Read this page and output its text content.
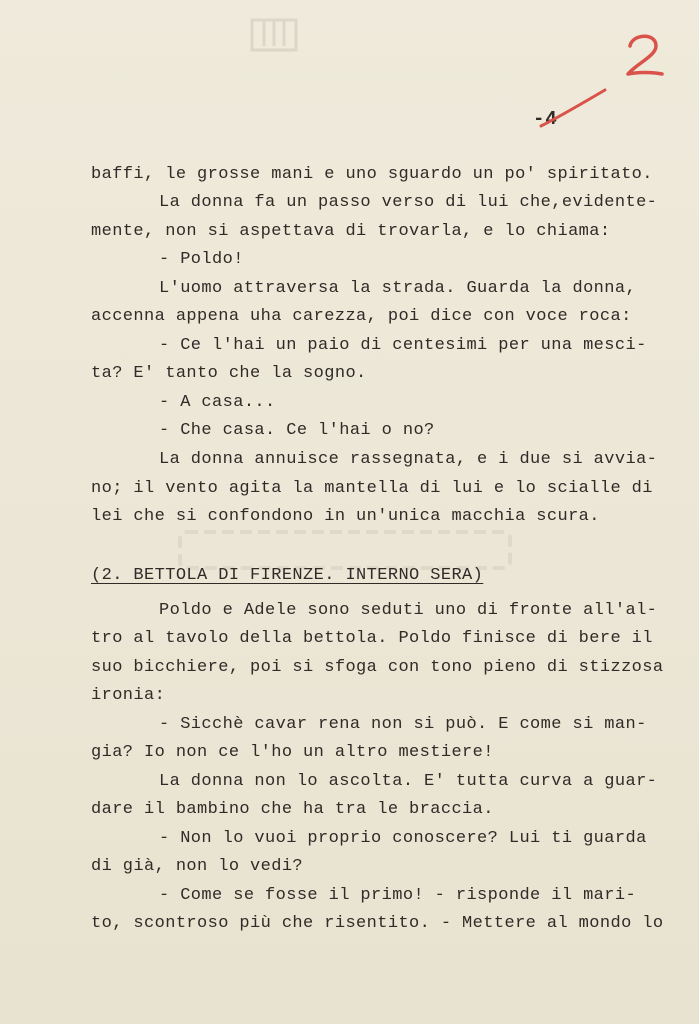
-4
baffi, le grosse mani e uno sguardo un po' spiritato.
La donna fa un passo verso di lui che,evidente-
mente, non si aspettava di trovarla, e lo chiama:
- Poldo!
L'uomo attraversa la strada. Guarda la donna,
accenna appena uha carezza, poi dice con voce roca:
- Ce l'hai un paio di centesimi per una mesci-
ta? E' tanto che la sogno.
- A casa...
- Che casa. Ce l'hai o no?
La donna annuisce rassegnata, e i due si avvia-
no; il vento agita la mantella di lui e lo scialle di
lei che si confondono in un'unica macchia scura.
(2. BETTOLA DI FIRENZE. INTERNO SERA)
Poldo e Adele sono seduti uno di fronte all'al-
tro al tavolo della bettola. Poldo finisce di bere il
suo bicchiere, poi si sfoga con tono pieno di stizzosa
ironia:
- Sicchè cavar rena non si può. E come si man-
gia? Io non ce l'ho un altro mestiere!
La donna non lo ascolta. E' tutta curva a guar-
dare il bambino che ha tra le braccia.
- Non lo vuoi proprio conoscere? Lui ti guarda
di già, non lo vedi?
- Come se fosse il primo! - risponde il mari-
to, scontroso più che risentito. - Mettere al mondo lo
